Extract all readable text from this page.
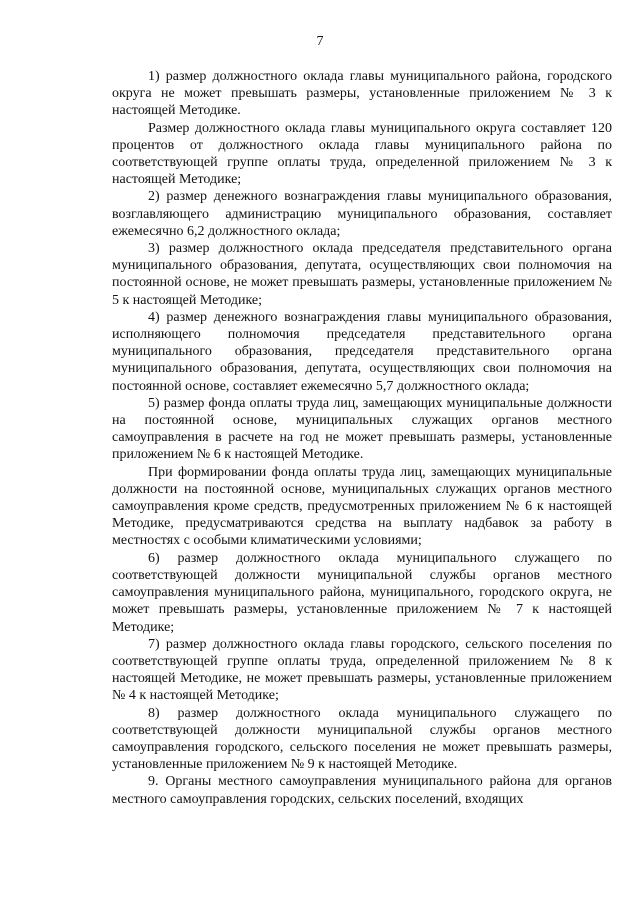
7

1) размер должностного оклада главы муниципального района, городского округа не может превышать размеры, установленные приложением № 3 к настоящей Методике.

Размер должностного оклада главы муниципального округа составляет 120 процентов от должностного оклада главы муниципального района по соответствующей группе оплаты труда, определенной приложением № 3 к настоящей Методике;

2) размер денежного вознаграждения главы муниципального образования, возглавляющего администрацию муниципального образования, составляет ежемесячно 6,2 должностного оклада;

3) размер должностного оклада председателя представительного органа муниципального образования, депутата, осуществляющих свои полномочия на постоянной основе, не может превышать размеры, установленные приложением № 5 к настоящей Методике;

4) размер денежного вознаграждения главы муниципального образования, исполняющего полномочия председателя представительного органа муниципального образования, председателя представительного органа муниципального образования, депутата, осуществляющих свои полномочия на постоянной основе, составляет ежемесячно 5,7 должностного оклада;

5) размер фонда оплаты труда лиц, замещающих муниципальные должности на постоянной основе, муниципальных служащих органов местного самоуправления в расчете на год не может превышать размеры, установленные приложением № 6 к настоящей Методике.

При формировании фонда оплаты труда лиц, замещающих муниципальные должности на постоянной основе, муниципальных служащих органов местного самоуправления кроме средств, предусмотренных приложением № 6 к настоящей Методике, предусматриваются средства на выплату надбавок за работу в местностях с особыми климатическими условиями;

6) размер должностного оклада муниципального служащего по соответствующей должности муниципальной службы органов местного самоуправления муниципального района, муниципального, городского округа, не может превышать размеры, установленные приложением № 7 к настоящей Методике;

7) размер должностного оклада главы городского, сельского поселения по соответствующей группе оплаты труда, определенной приложением № 8 к настоящей Методике, не может превышать размеры, установленные приложением № 4 к настоящей Методике;

8) размер должностного оклада муниципального служащего по соответствующей должности муниципальной службы органов местного самоуправления городского, сельского поселения не может превышать размеры, установленные приложением № 9 к настоящей Методике.

9. Органы местного самоуправления муниципального района для органов местного самоуправления городских, сельских поселений, входящих
